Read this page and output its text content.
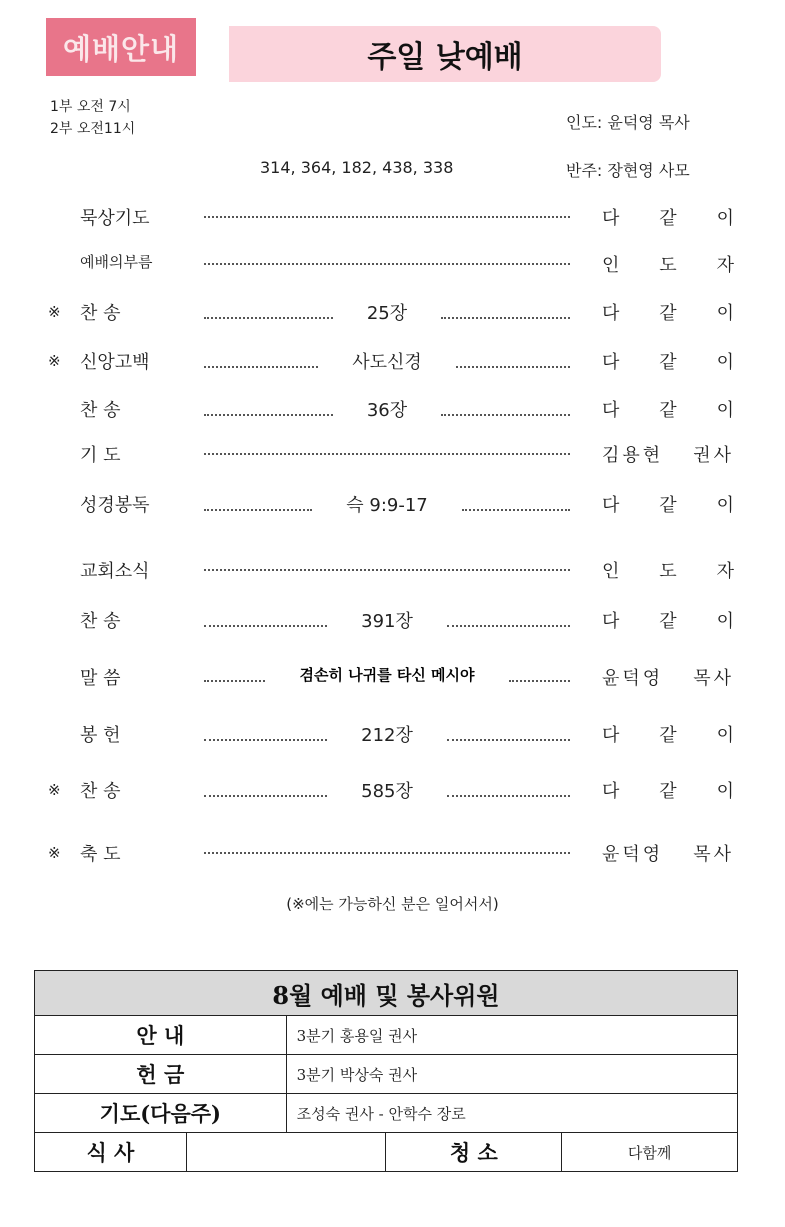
예배안내	주일 낮예배
1부 오전 7시
2부 오전11시	인도: 윤덕영 목사
314, 364, 182, 438, 338	반주: 장현영 사모
묵상기도	다 같 이
예배의부름	인 도 자
※	찬 송	25장	다 같 이
※	신앙고백	사도신경	다 같 이
찬 송	36장	다 같 이
기 도	김용현 권사
성경봉독	슥 9:9-17	다 같 이
교회소식	인 도 자
찬 송	391장	다 같 이
말 씀	겸손히 나귀를 타신 메시야	윤덕영 목사
봉 헌	212장	다 같 이
※	찬 송	585장	다 같 이
※	축 도	윤덕영 목사
(※에는 가능하신 분은 일어서서)
8월 예배 및 봉사위원				
안 내		3분기 홍용일 권사		
헌 금		3분기 박상숙 권사		
기도(다음주)		조성숙 권사 - 안학수 장로		
식 사			청 소	다함께
